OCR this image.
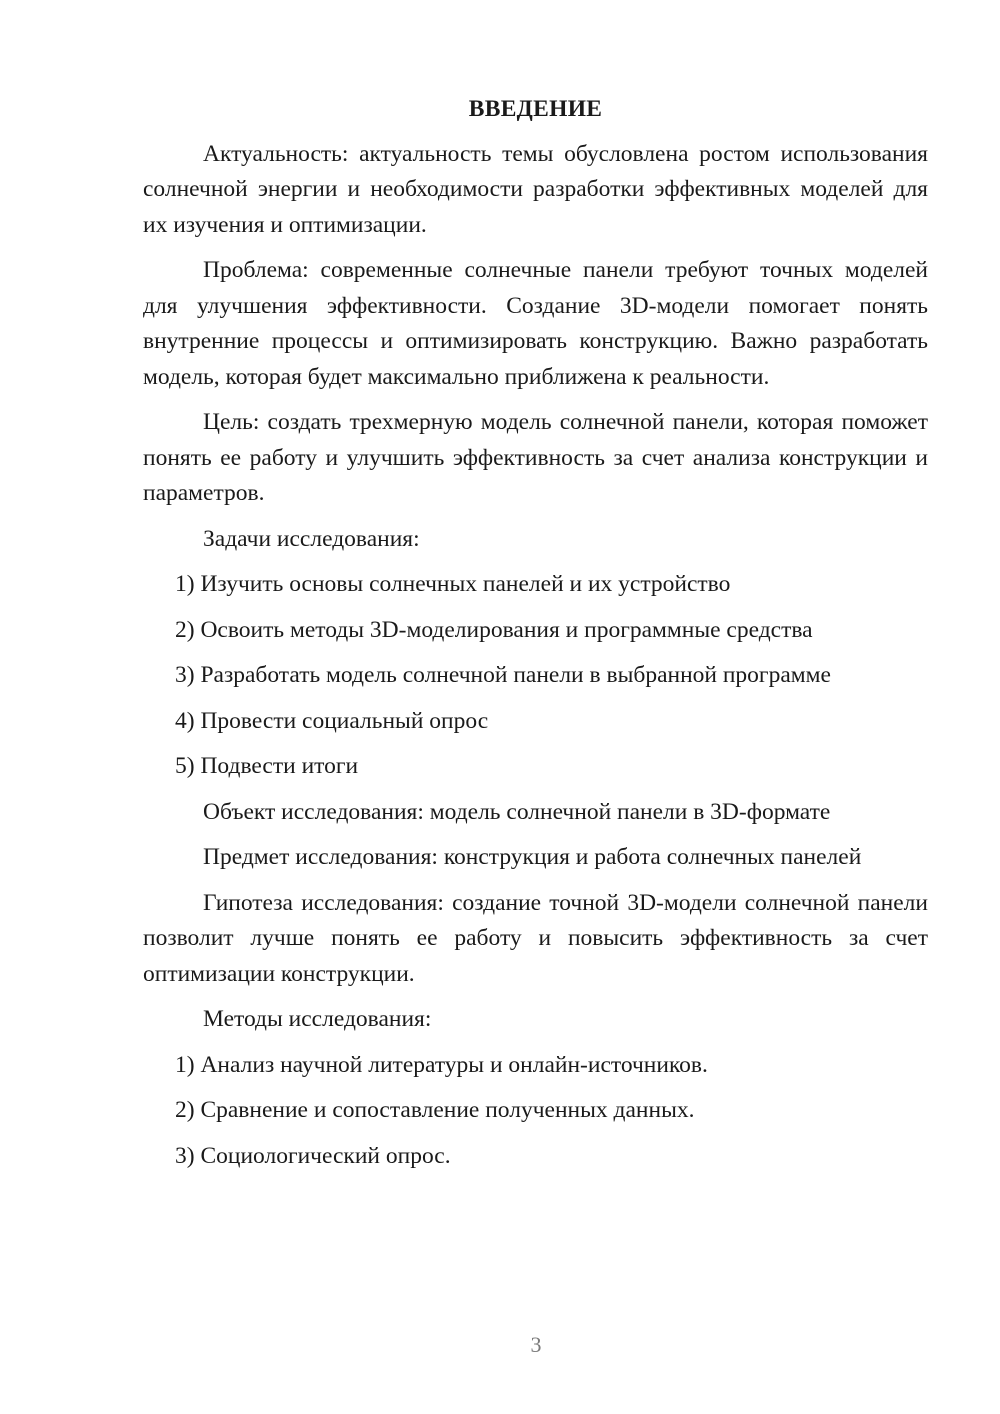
ВВЕДЕНИЕ

Актуальность: актуальность темы обусловлена ростом использования солнечной энергии и необходимости разработки эффективных моделей для их изучения и оптимизации.

Проблема: современные солнечные панели требуют точных моделей для улучшения эффективности. Создание 3D-модели помогает понять внутренние процессы и оптимизировать конструкцию. Важно разработать модель, которая будет максимально приближена к реальности.

Цель: создать трехмерную модель солнечной панели, которая поможет понять ее работу и улучшить эффективность за счет анализа конструкции и параметров.

Задачи исследования:

1) Изучить основы солнечных панелей и их устройство

2) Освоить методы 3D-моделирования и программные средства

3) Разработать модель солнечной панели в выбранной программе

4) Провести социальный опрос

5) Подвести итоги

Объект исследования: модель солнечной панели в 3D-формате

Предмет исследования: конструкция и работа солнечных панелей

Гипотеза исследования: создание точной 3D-модели солнечной панели позволит лучше понять ее работу и повысить эффективность за счет оптимизации конструкции.

Методы исследования:

1) Анализ научной литературы и онлайн-источников.

2) Сравнение и сопоставление полученных данных.

3) Социологический опрос.

3
